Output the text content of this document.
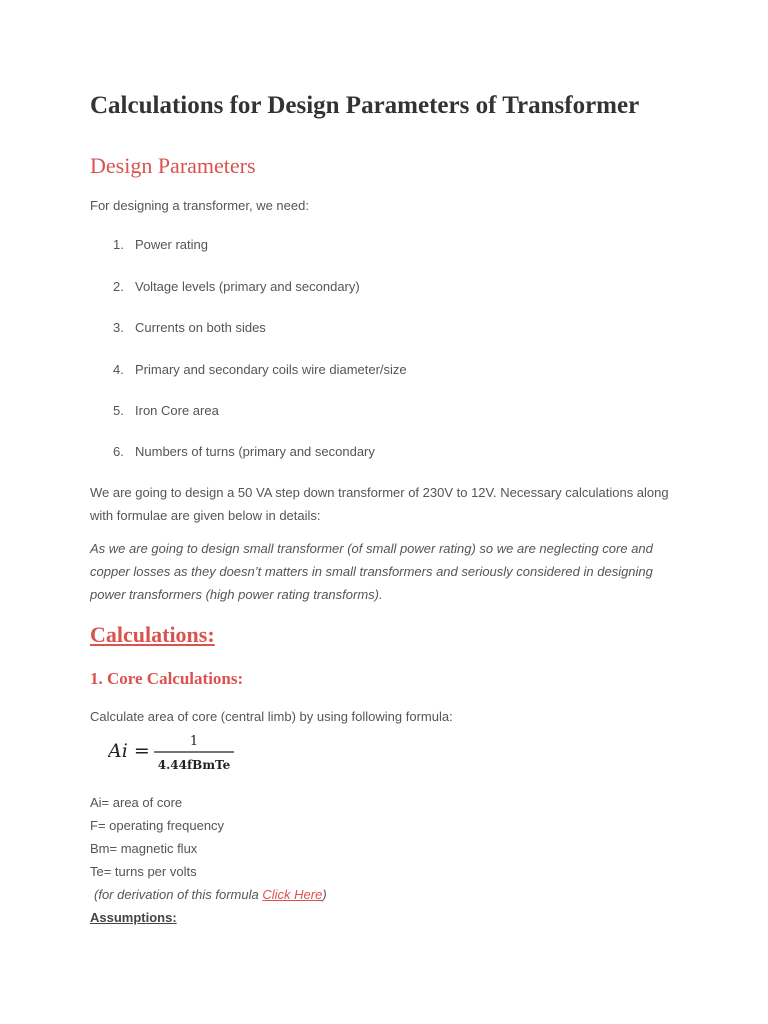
Calculations for Design Parameters of Transformer
Design Parameters

For designing a transformer, we need:

1. Power rating
2. Voltage levels (primary and secondary)
3. Currents on both sides
4. Primary and secondary coils wire diameter/size
5. Iron Core area
6. Numbers of turns (primary and secondary

We are going to design a 50 VA step down transformer of 230V to 12V. Necessary calculations along with formulae are given below in details:

As we are going to design small transformer (of small power rating) so we are neglecting core and copper losses as they doesn’t matters in small transformers and seriously considered in designing power transformers (high power rating transforms).

Calculations:
1. Core Calculations:

Calculate area of core (central limb) by using following formula:

Ai =	1
4.44fBmTe
Ai= area of core
F= operating frequency
Bm= magnetic flux
Te= turns per volts
(for derivation of this formula Click Here)
Assumptions:
